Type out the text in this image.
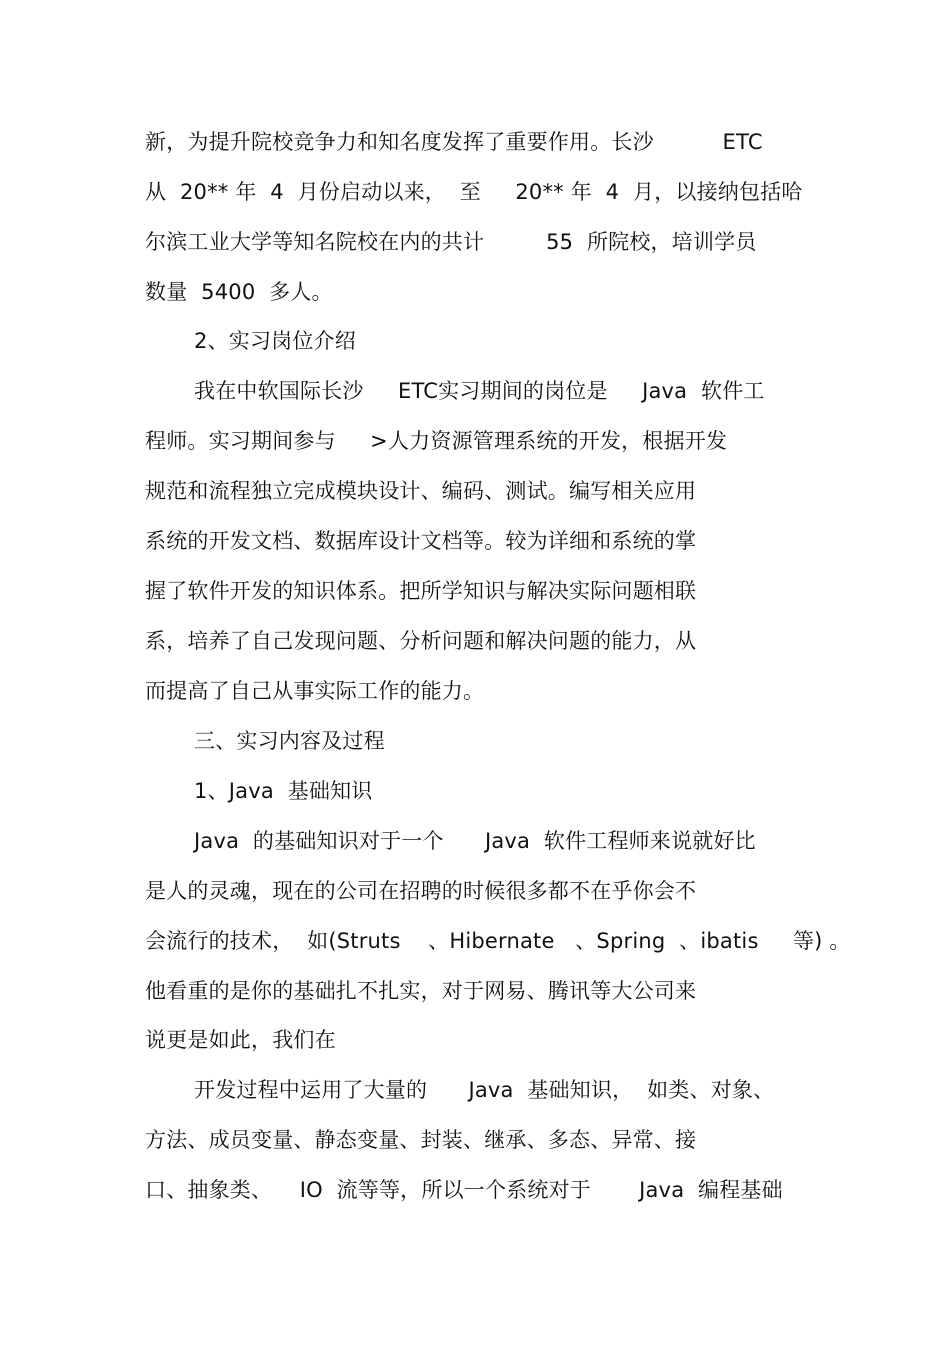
新，为提升院校竞争力和知名度发挥了重要作用。长沙          ETC
从  20** 年  4  月份启动以来，  至     20** 年  4  月，以接纳包括哈
尔滨工业大学等知名院校在内的共计         55  所院校，培训学员
数量  5400  多人。
2、实习岗位介绍
我在中软国际长沙     ETC实习期间的岗位是     Java  软件工
程师。实习期间参与     >人力资源管理系统的开发，根据开发
规范和流程独立完成模块设计、编码、测试。编写相关应用
系统的开发文档、数据库设计文档等。较为详细和系统的掌
握了软件开发的知识体系。把所学知识与解决实际问题相联
系，培养了自己发现问题、分析问题和解决问题的能力，从
而提高了自己从事实际工作的能力。
三、实习内容及过程
1、Java  基础知识
Java  的基础知识对于一个      Java  软件工程师来说就好比
是人的灵魂，现在的公司在招聘的时候很多都不在乎你会不
会流行的技术，  如(Struts    、Hibernate   、Spring  、ibatis     等) 。
他看重的是你的基础扎不扎实，对于网易、腾讯等大公司来
说更是如此，我们在
开发过程中运用了大量的      Java  基础知识，  如类、对象、
方法、成员变量、静态变量、封装、继承、多态、异常、接
口、抽象类、    IO  流等等，所以一个系统对于       Java  编程基础
